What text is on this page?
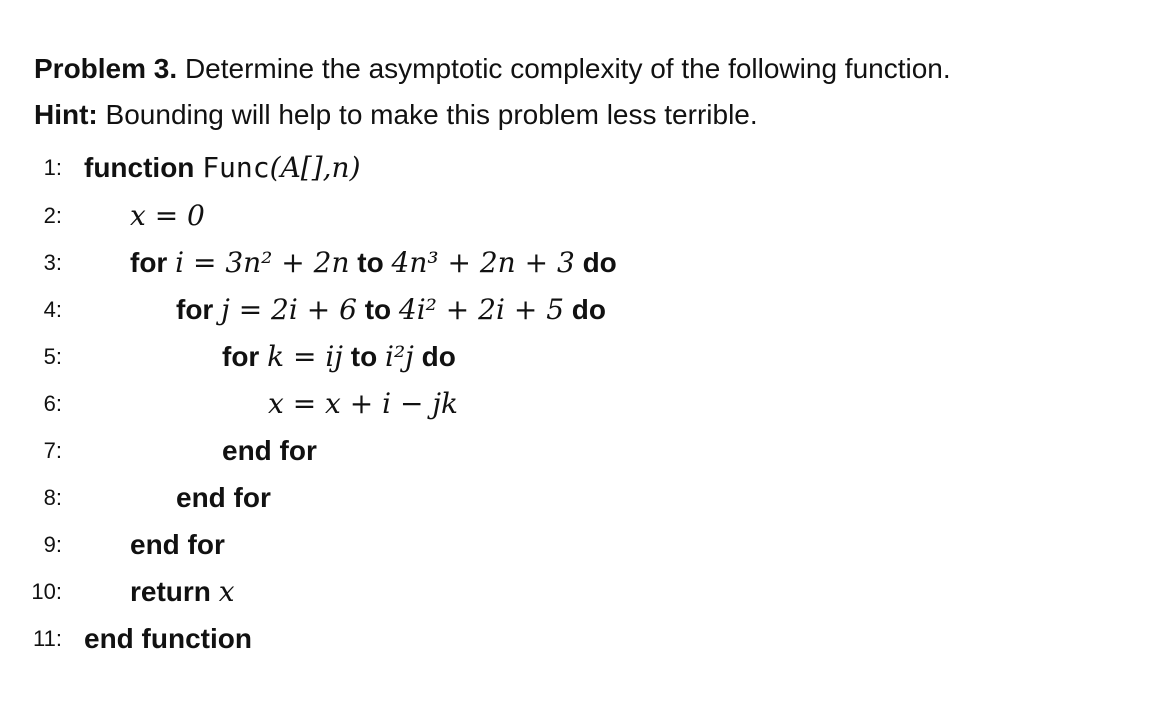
Problem 3. Determine the asymptotic complexity of the following function.
Hint: Bounding will help to make this problem less terrible.
1: function Func(A[],n)
2: x = 0
3: for i = 3n² + 2n to 4n³ + 2n + 3 do
4:	for j = 2i + 6 to 4i² + 2i + 5 do
5:	for k = ij to i²j do
6:	x = x + i − jk
7:	end for
8:	end for
9: end for
10: return x
11: end function
